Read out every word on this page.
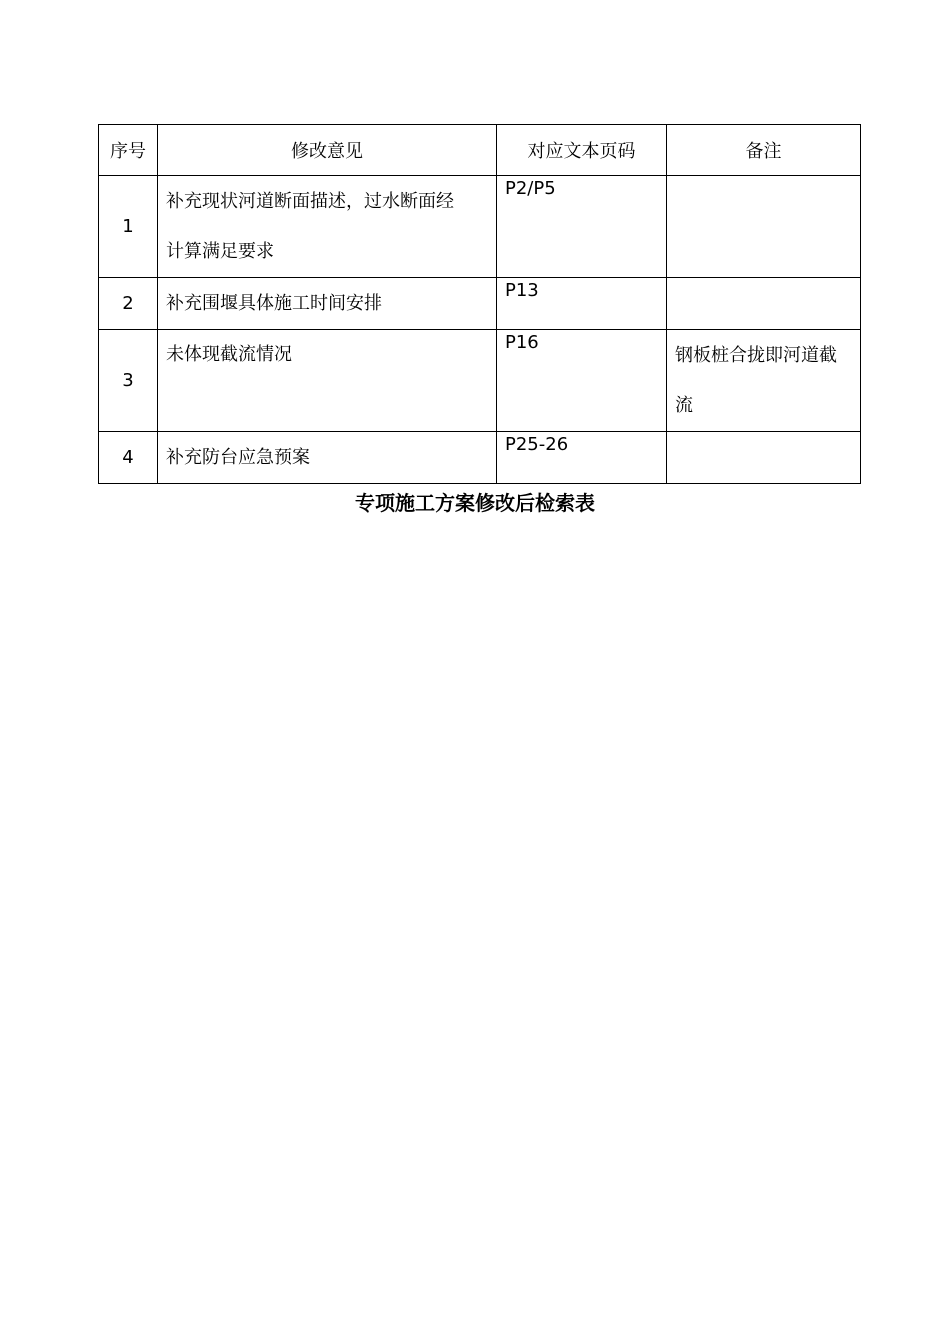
序号	修改意见	对应文本页码	备注
1	补充现状河道断面描述，过水断面经
计算满足要求	P2/P5	
2	补充围堰具体施工时间安排	P13	
3	未体现截流情况	P16	钢板桩合拢即河道截
流

4	补充防台应急预案	P25-26	
专项施工方案修改后检索表
